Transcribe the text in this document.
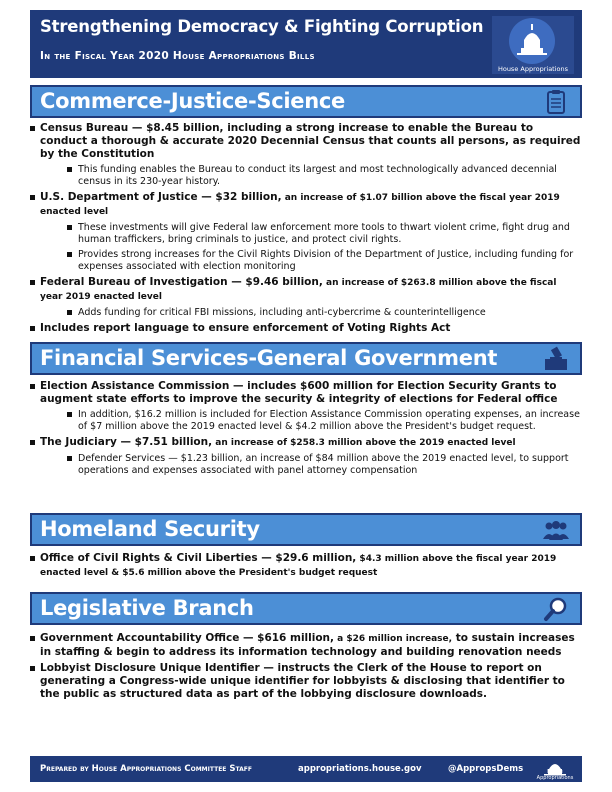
Strengthening Democracy & Fighting Corruption
In the Fiscal Year 2020 House Appropriations Bills
House Appropriations
Commerce-Justice-Science
Census Bureau — $8.45 billion, including a strong increase to enable the Bureau to conduct a thorough & accurate 2020 Decennial Census that counts all persons, as required by the Constitution
This funding enables the Bureau to conduct its largest and most technologically advanced decennial census in its 230-year history.
U.S. Department of Justice — $32 billion, an increase of $1.07 billion above the fiscal year 2019 enacted level
These investments will give Federal law enforcement more tools to thwart violent crime, fight drug and human traffickers, bring criminals to justice, and protect civil rights.
Provides strong increases for the Civil Rights Division of the Department of Justice, including funding for expenses associated with election monitoring
Federal Bureau of Investigation — $9.46 billion, an increase of $263.8 million above the fiscal year 2019 enacted level
Adds funding for critical FBI missions, including anti-cybercrime & counterintelligence
Includes report language to ensure enforcement of Voting Rights Act
Financial Services-General Government
Election Assistance Commission — includes $600 million for Election Security Grants to augment state efforts to improve the security & integrity of elections for Federal office
In addition, $16.2 million is included for Election Assistance Commission operating expenses, an increase of $7 million above the 2019 enacted level & $4.2 million above the President's budget request.
The Judiciary — $7.51 billion, an increase of $258.3 million above the 2019 enacted level
Defender Services — $1.23 billion, an increase of $84 million above the 2019 enacted level, to support operations and expenses associated with panel attorney compensation
Homeland Security
Office of Civil Rights & Civil Liberties — $29.6 million, $4.3 million above the fiscal year 2019 enacted level & $5.6 million above the President's budget request
Legislative Branch
Government Accountability Office — $616 million, a $26 million increase, to sustain increases in staffing & begin to address its information technology and building renovation needs
Lobbyist Disclosure Unique Identifier — instructs the Clerk of the House to report on generating a Congress-wide unique identifier for lobbyists & disclosing that identifier to the public as structured data as part of the lobbying disclosure downloads.
Prepared by House Appropriations Committee Staff	appropriations.house.gov	@AppropsDems	House Appropriations
